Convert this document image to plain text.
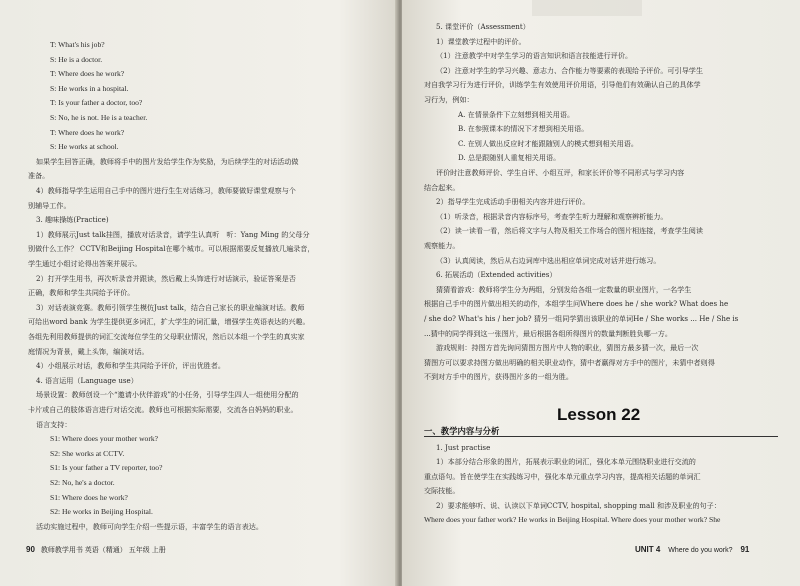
T: What's his job?
S: He is a doctor.
T: Where does he work?
S: He works in a hospital.
T: Is your father a doctor, too?
S: No, he is not. He is a teacher.
T: Where does he work?
S: He works at school.
如果学生回答正确，教师将手中的图片发给学生作为奖励，为后续学生的对话活动做
准备。
4）教师指导学生运用自己手中的图片进行生生对话练习，教师要做好课堂观察与个
别辅导工作。
3. 趣味操练(Practice)
1）教师展示Just talk挂图，播放对话录音，请学生认真听　听：Yang Ming 的父母分
别做什么工作？ CCTV和Beijing Hospital在哪个城市。可以根据需要反复播放几遍录音，
学生通过小组讨论得出答案并展示。
2）打开学生用书，再次听录音并跟读，然后戴上头饰进行对话演示，验证答案是否
正确，教师和学生共同给予评价。
3）对话表演竞赛。教师引领学生模仿Just talk，结合自己家长的职业编演对话。教师
可给出word bank 为学生提供更多词汇，扩大学生的词汇量，增强学生英语表达的兴趣。
各组先利用教师提供的词汇交流每位学生的父母职业情况，然后以本组一个学生的真实家
庭情况为背景，戴上头饰，编演对话。
4）小组展示对话，教师和学生共同给予评价，评出优胜者。
4. 语言运用（Language use）
场景设置：教师创设一个“邀请小伙伴游戏”的小任务，引导学生四人一组使用分配的
卡片或自己的肢体语言进行对话交流。教师也可根据实际需要，交流各自妈妈的职业。
语言支持：
S1: Where does your mother work?
S2: She works at CCTV.
S1: Is your father a TV reporter, too?
S2: No, he's a doctor.
S1: Where does he work?
S2: He works in Beijing Hospital.
活动实施过程中，教师可向学生介绍一些提示语，丰富学生的语言表达。
90 教师教学用书 英语（精通） 五年级 上册
5. 课堂评价（Assessment）
1）课堂教学过程中的评价。
（1）注意教学中对学生学习的语言知识和语言技能进行评价。
（2）注意对学生的学习兴趣、意志力、合作能力等要素的表现给予评价。可引导学生
对自我学习行为进行评价，训练学生有效使用评价用语，引导他们有效确认自己的具体学
习行为，例如：
A. 在情景条件下立刻想到相关用语。
B. 在参照课本的情况下才想到相关用语。
C. 在别人做出反应时才能跟随别人的模式想到相关用语。
D. 总是跟随别人重复相关用语。
评价时注意教师评价、学生自评、小组互评，和家长评价等不同形式与学习内容
结合起来。
2）指导学生完成活动手册相关内容并进行评价。
（1）听录音，根据录音内容标序号，考查学生听力理解和观察辨析能力。
（2）读一读看一看，然后将文字与人物及相关工作场合的图片相连接，考查学生阅读
观察能力。
（3）认真阅读，然后从右边词库中选出相应单词完成对话并进行练习。
6. 拓展活动（Extended activities）
猜猜看游戏：教师将学生分为两组，分别发给各组一定数量的职业图片，一名学生
根据自己手中的图片做出相关的动作，本组学生问Where does he / she work? What does he
/ she do? What's his / her job? 猜另一组同学猜出该职业的单词He / She works ... He / She is
...猜中的同学得到这一张图片，最后根据各组所得图片的数量判断胜负哪一方。
游戏规则：持图方首先询问猜图方图片中人物的职业，猜图方最多猜一次，最后一次
猜图方可以要求持图方做出明确的相关职业动作，猜中者赢得对方手中的图片，未猜中者则得
不到对方手中的图片，获得图片多的一组为胜。
Lesson 22
一、教学内容与分析
1. Just practise
1）本部分结合形象的图片，拓展表示职业的词汇，强化本单元围绕职业进行交流的
重点语句。旨在使学生在实践练习中，强化本单元重点学习内容，提高相关话题的单词汇
交际技能。
2）要求能够听、说、认读以下单词CCTV, hospital, shopping mall 和涉及职业的句子：
Where does your father work? He works in Beijing Hospital. Where does your mother work? She
UNIT 4 Where do you work? 91
